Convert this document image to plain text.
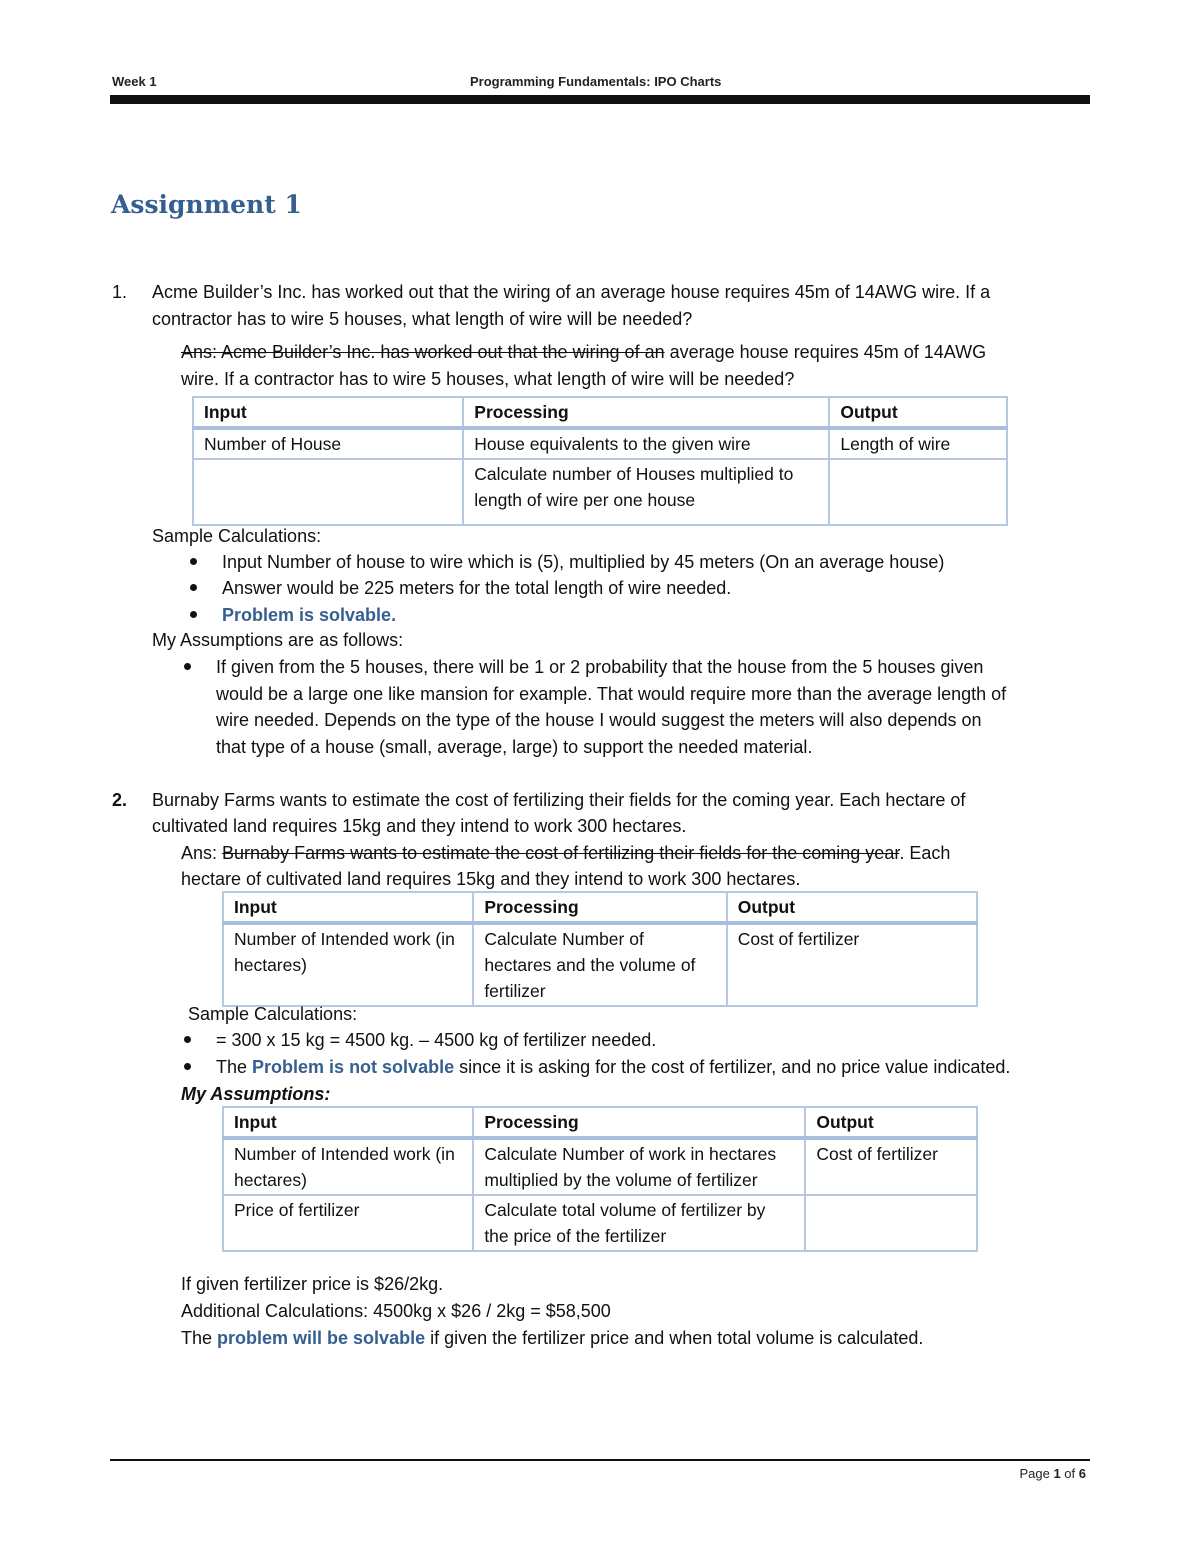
Week 1	Programming Fundamentals: IPO Charts
Assignment 1
1. Acme Builder’s Inc. has worked out that the wiring of an average house requires 45m of 14AWG wire. If a
contractor has to wire 5 houses, what length of wire will be needed?
Ans: Acme Builder’s Inc. has worked out that the wiring of an average house requires 45m of 14AWG
wire. If a contractor has to wire 5 houses, what length of wire will be needed?
Input	Processing	Output
Number of House	House equivalents to the given wire	Length of wire
	Calculate number of Houses multiplied to length of wire per one house	
Sample Calculations:
Input Number of house to wire which is (5), multiplied by 45 meters (On an average house)
Answer would be 225 meters for the total length of wire needed.
Problem is solvable.
My Assumptions are as follows:
If given from the 5 houses, there will be 1 or 2 probability that the house from the 5 houses given
would be a large one like mansion for example. That would require more than the average length of
wire needed. Depends on the type of the house I would suggest the meters will also depends on
that type of a house (small, average, large) to support the needed material.
2. Burnaby Farms wants to estimate the cost of fertilizing their fields for the coming year. Each hectare of
cultivated land requires 15kg and they intend to work 300 hectares.
Ans: Burnaby Farms wants to estimate the cost of fertilizing their fields for the coming year. Each
hectare of cultivated land requires 15kg and they intend to work 300 hectares.
Input	Processing	Output
Number of Intended work (in hectares)	Calculate Number of hectares and the volume of fertilizer	Cost of fertilizer
Sample Calculations:
= 300 x 15 kg = 4500 kg. – 4500 kg of fertilizer needed.
The Problem is not solvable since it is asking for the cost of fertilizer, and no price value indicated.
My Assumptions:
Input	Processing	Output
Number of Intended work (in hectares)	Calculate Number of work in hectares multiplied by the volume of fertilizer	Cost of fertilizer
Price of fertilizer	Calculate total volume of fertilizer by the price of the fertilizer	
If given fertilizer price is $26/2kg.
Additional Calculations: 4500kg x $26 / 2kg = $58,500
The problem will be solvable if given the fertilizer price and when total volume is calculated.
Page 1 of 6
